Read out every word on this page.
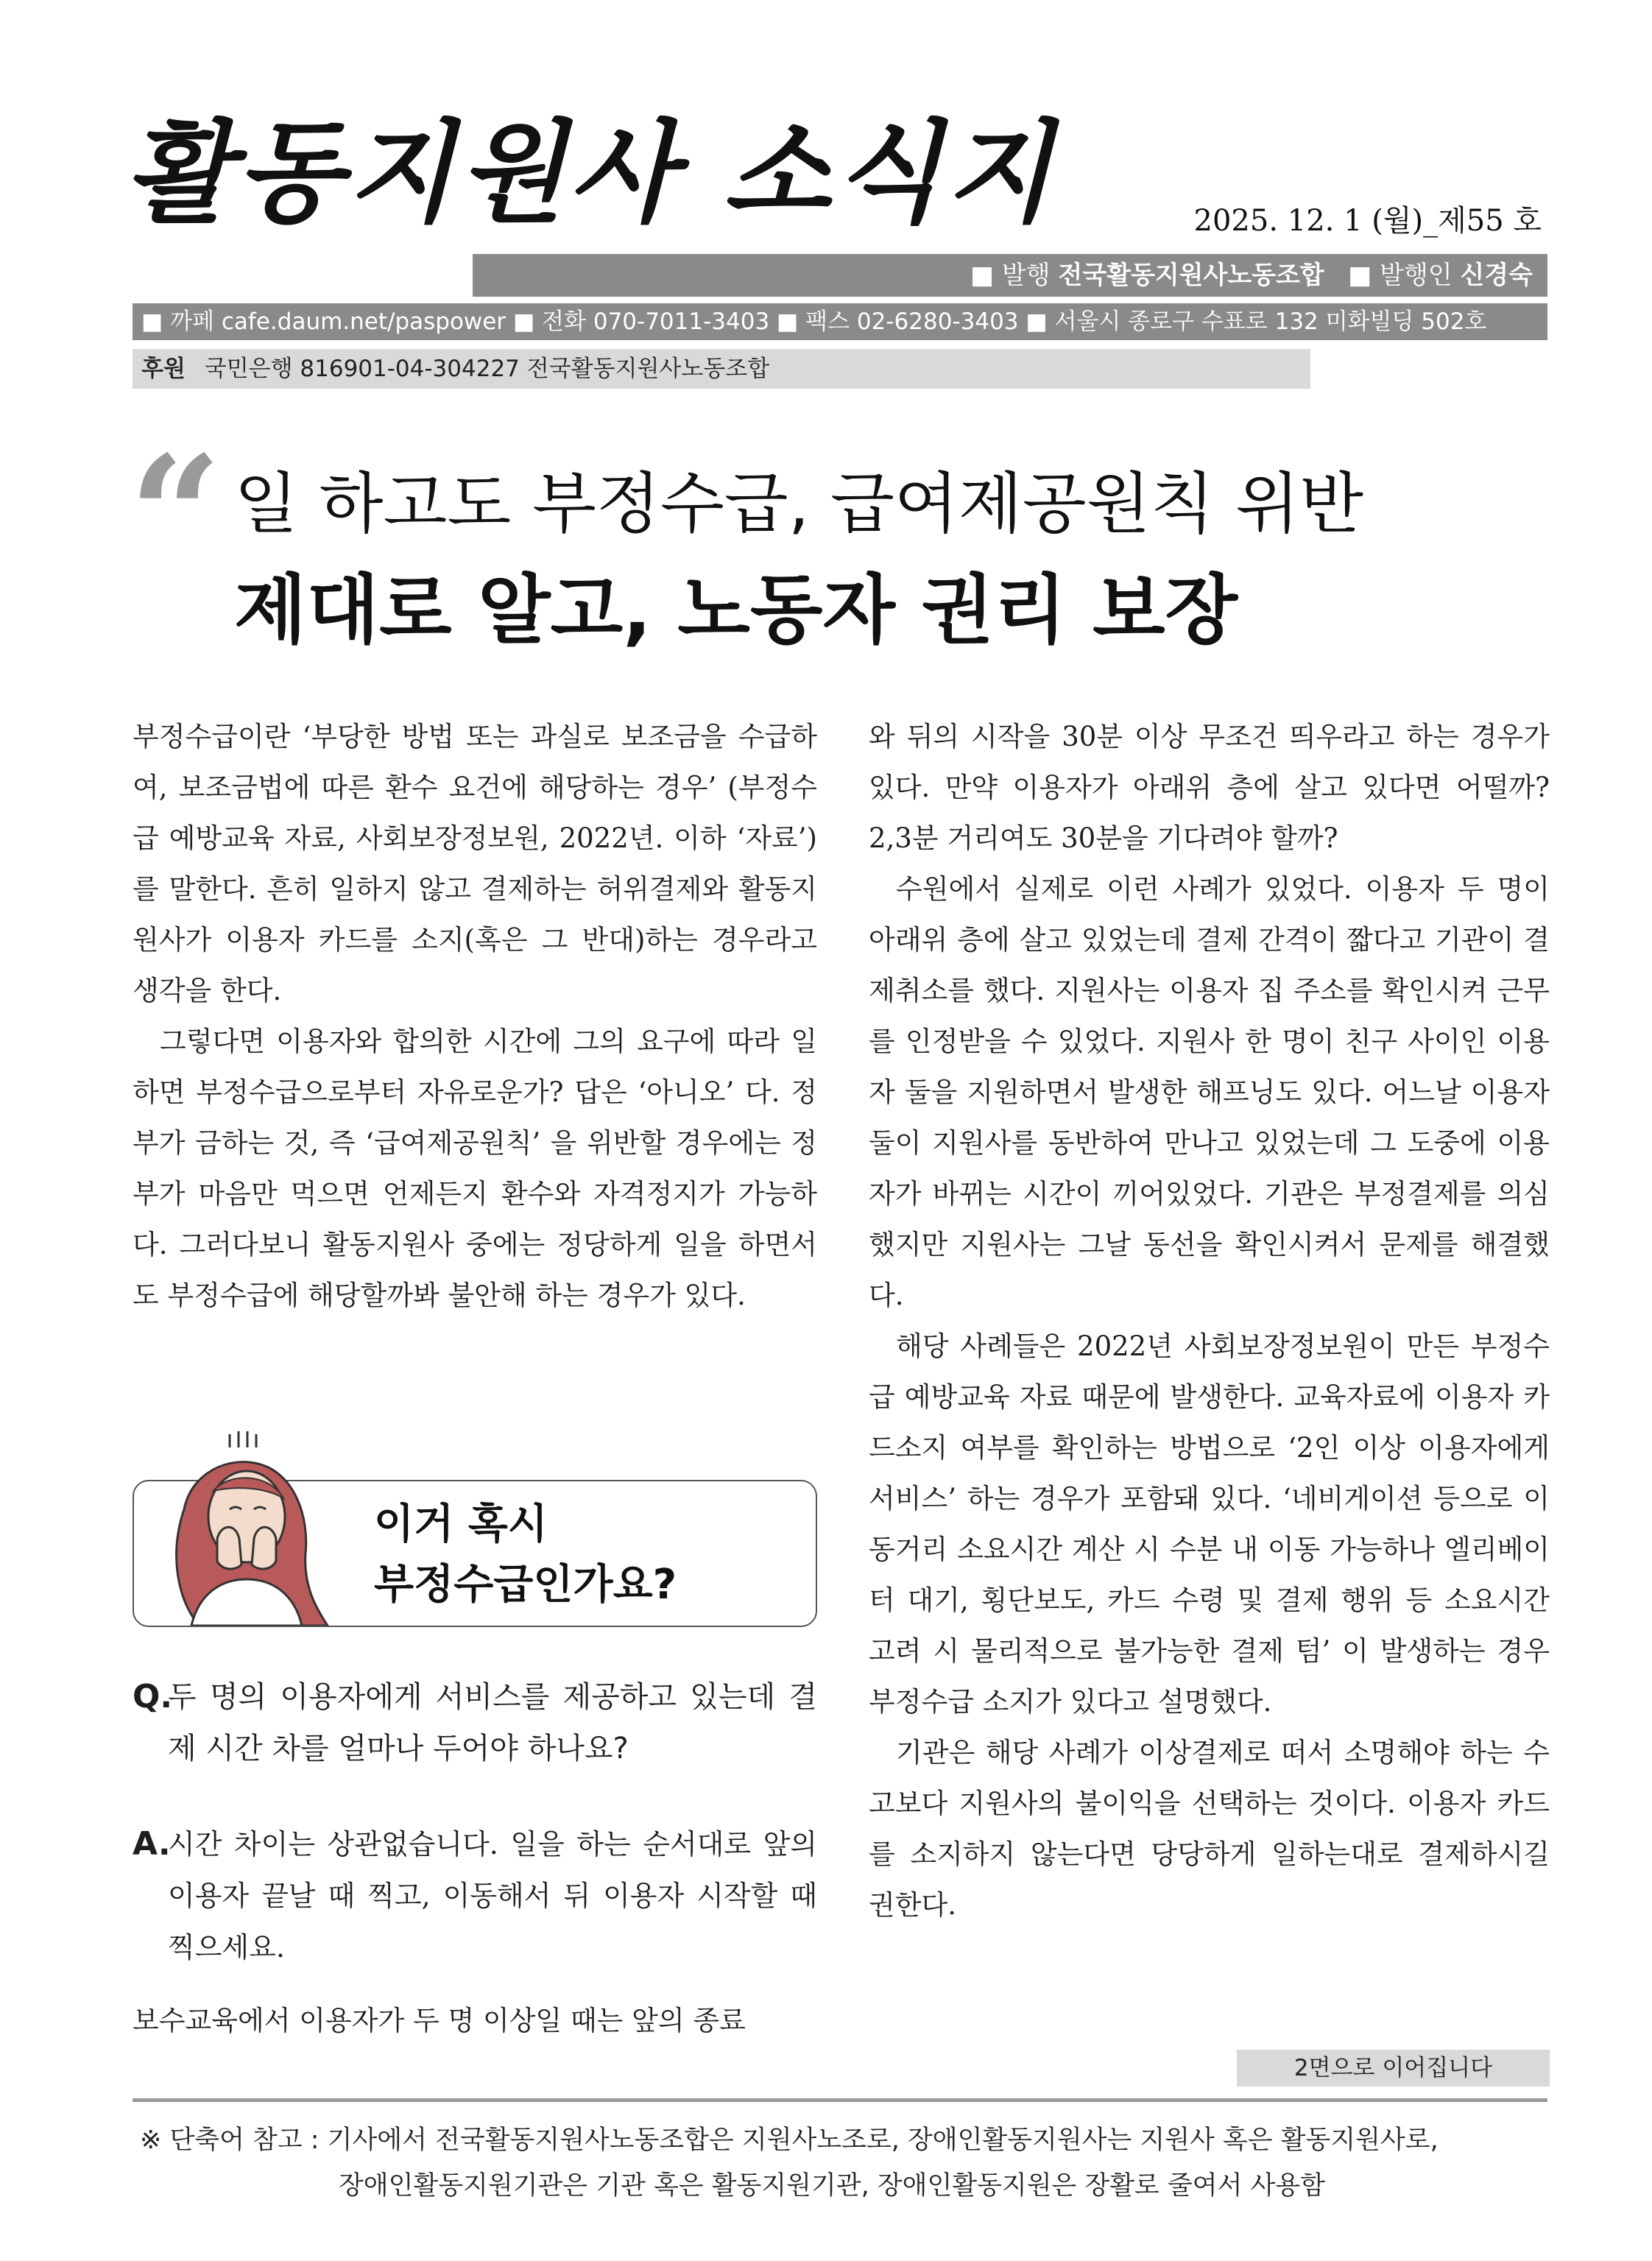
활동지원사 소식지	2025. 12. 1 (월)_제55 호
■ 발행 전국활동지원사노동조합 ■ 발행인 신경숙
■ 까페 cafe.daum.net/paspower ■ 전화 070-7011-3403 ■ 팩스 02-6280-3403 ■ 서울시 종로구 수표로 132 미화빌딩 502호
후원 국민은행 816901-04-304227 전국활동지원사노동조합
“ 일 하고도 부정수급, 급여제공원칙 위반
제대로 알고, 노동자 권리 보장

부정수급이란 ‘부당한 방법 또는 과실로 보조금을 수급하여, 보조금법에 따른 환수 요건에 해당하는 경우’ (부정수급 예방교육 자료, 사회보장정보원, 2022년. 이하 ‘자료’)를 말한다. 흔히 일하지 않고 결제하는 허위결제와 활동지원사가 이용자 카드를 소지(혹은 그 반대)하는 경우라고 생각을 한다.

그렇다면 이용자와 합의한 시간에 그의 요구에 따라 일하면 부정수급으로부터 자유로운가? 답은 ‘아니오’ 다. 정부가 금하는 것, 즉 ‘급여제공원칙’ 을 위반할 경우에는 정부가 마음만 먹으면 언제든지 환수와 자격정지가 가능하다. 그러다보니 활동지원사 중에는 정당하게 일을 하면서도 부정수급에 해당할까봐 불안해 하는 경우가 있다.

이거 혹시
부정수급인가요?
Q.
두 명의 이용자에게 서비스를 제공하고 있는데 결제 시간 차를 얼마나 두어야 하나요?
A.
시간 차이는 상관없습니다. 일을 하는 순서대로 앞의 이용자 끝날 때 찍고, 이동해서 뒤 이용자 시작할 때 찍으세요.
보수교육에서 이용자가 두 명 이상일 때는 앞의 종료

와 뒤의 시작을 30분 이상 무조건 띄우라고 하는 경우가 있다. 만약 이용자가 아래위 층에 살고 있다면 어떨까? 2,3분 거리여도 30분을 기다려야 할까?

수원에서 실제로 이런 사례가 있었다. 이용자 두 명이 아래위 층에 살고 있었는데 결제 간격이 짧다고 기관이 결제취소를 했다. 지원사는 이용자 집 주소를 확인시켜 근무를 인정받을 수 있었다. 지원사 한 명이 친구 사이인 이용자 둘을 지원하면서 발생한 해프닝도 있다. 어느날 이용자 둘이 지원사를 동반하여 만나고 있었는데 그 도중에 이용자가 바뀌는 시간이 끼어있었다. 기관은 부정결제를 의심했지만 지원사는 그날 동선을 확인시켜서 문제를 해결했다.

해당 사례들은 2022년 사회보장정보원이 만든 부정수급 예방교육 자료 때문에 발생한다. 교육자료에 이용자 카드소지 여부를 확인하는 방법으로 ‘2인 이상 이용자에게 서비스’ 하는 경우가 포함돼 있다. ‘네비게이션 등으로 이동거리 소요시간 계산 시 수분 내 이동 가능하나 엘리베이터 대기, 횡단보도, 카드 수령 및 결제 행위 등 소요시간 고려 시 물리적으로 불가능한 결제 텀’ 이 발생하는 경우 부정수급 소지가 있다고 설명했다.

기관은 해당 사례가 이상결제로 떠서 소명해야 하는 수고보다 지원사의 불이익을 선택하는 것이다. 이용자 카드를 소지하지 않는다면 당당하게 일하는대로 결제하시길 권한다.

2면으로 이어집니다
※ 단축어 참고 : 기사에서 전국활동지원사노동조합은 지원사노조로, 장애인활동지원사는 지원사 혹은 활동지원사로,
장애인활동지원기관은 기관 혹은 활동지원기관, 장애인활동지원은 장활로 줄여서 사용함
